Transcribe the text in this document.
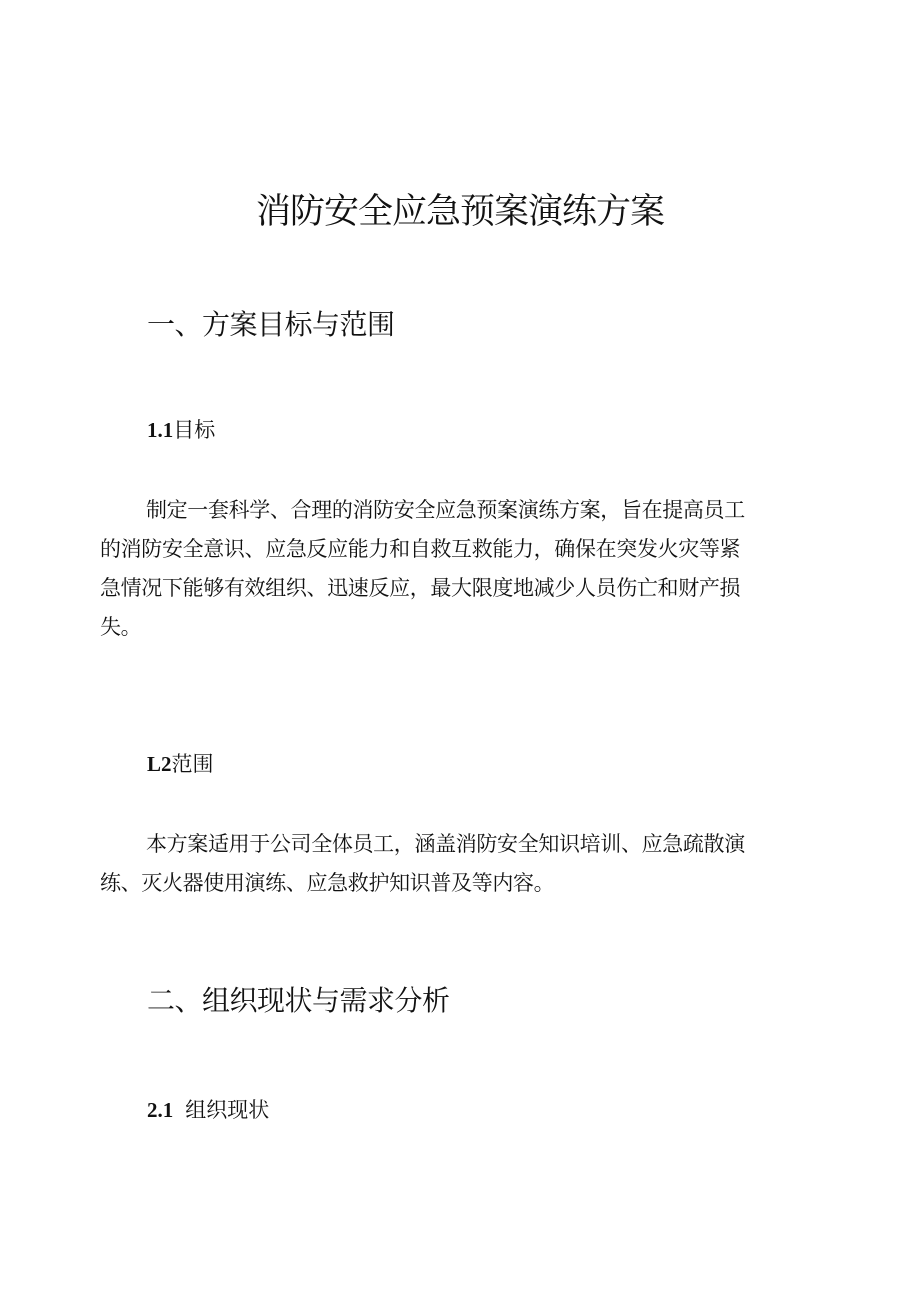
消防安全应急预案演练方案
一、方案目标与范围
1.1目标

制定一套科学、合理的消防安全应急预案演练方案，旨在提高员工
的消防安全意识、应急反应能力和自救互救能力，确保在突发火灾等紧
急情况下能够有效组织、迅速反应，最大限度地减少人员伤亡和财产损
失。

L2范围

本方案适用于公司全体员工，涵盖消防安全知识培训、应急疏散演
练、灭火器使用演练、应急救护知识普及等内容。

二、组织现状与需求分析
2.1 组织现状
